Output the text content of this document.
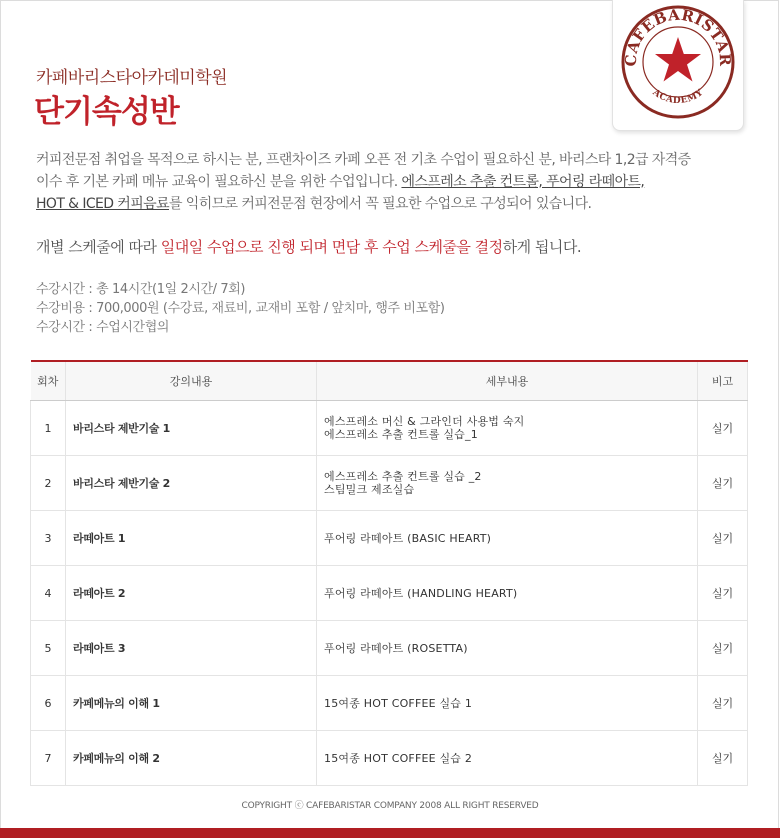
카페바리스타아카데미학원
단기속성반
CAFEBARISTAR
ACADEMY
커피전문점 취업을 목적으로 하시는 분, 프랜차이즈 카페 오픈 전 기초 수업이 필요하신 분, 바리스타 1,2급 자격증
이수 후 기본 카페 메뉴 교육이 필요하신 분을 위한 수업입니다. 에스프레소 추출 컨트롤, 푸어링 라떼아트,
HOT & ICED 커피음료를 익히므로 커피전문점 현장에서 꼭 필요한 수업으로 구성되어 있습니다.
개별 스케줄에 따라 일대일 수업으로 진행 되며 면담 후 수업 스케줄을 결정하게 됩니다.
수강시간 : 총 14시간(1일 2시간/ 7회)
수강비용 : 700,000원 (수강료, 재료비, 교재비 포함 / 앞치마, 행주 비포함)
수강시간 : 수업시간협의
회차	강의내용	세부내용	비고
1	바리스타 제반기술 1	에스프레소 머신 & 그라인더 사용법 숙지
에스프레소 추출 컨트롤 실습_1	실기
2	바리스타 제반기술 2	에스프레소 추출 컨트롤 실습 _2
스팀밀크 제조실습	실기
3	라떼아트 1	푸어링 라떼아트 (BASIC HEART)	실기
4	라떼아트 2	푸어링 라떼아트 (HANDLING HEART)	실기
5	라떼아트 3	푸어링 라떼아트 (ROSETTA)	실기
6	카페메뉴의 이해 1	15여종 HOT COFFEE 실습 1	실기
7	카페메뉴의 이해 2	15여종 HOT COFFEE 실습 2	실기
COPYRIGHT ⓒ CAFEBARISTAR COMPANY 2008 ALL RIGHT RESERVED
